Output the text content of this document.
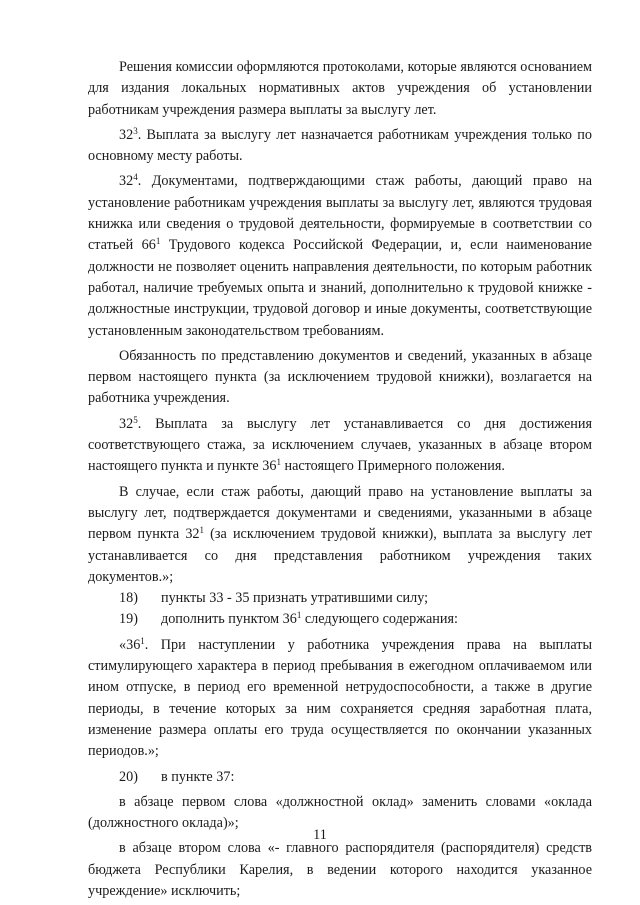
Решения комиссии оформляются протоколами, которые являются основанием для издания локальных нормативных актов учреждения об установлении работникам учреждения размера выплаты за выслугу лет.

$32^3$. Выплата за выслугу лет назначается работникам учреждения только по основному месту работы.

$32^4$. Документами, подтверждающими стаж работы, дающий право на установление работникам учреждения выплаты за выслугу лет, являются трудовая книжка или сведения о трудовой деятельности, формируемые в соответствии со статьей $66^1$ Трудового кодекса Российской Федерации, и, если наименование должности не позволяет оценить направления деятельности, по которым работник работал, наличие требуемых опыта и знаний, дополнительно к трудовой книжке - должностные инструкции, трудовой договор и иные документы, соответствующие установленным законодательством требованиям.

Обязанность по представлению документов и сведений, указанных в абзаце первом настоящего пункта (за исключением трудовой книжки), возлагается на работника учреждения.

$32^5$. Выплата за выслугу лет устанавливается со дня достижения соответствующего стажа, за исключением случаев, указанных в абзаце втором настоящего пункта и пункте $36^1$ настоящего Примерного положения.

В случае, если стаж работы, дающий право на установление выплаты за выслугу лет, подтверждается документами и сведениями, указанными в абзаце первом пункта $32^1$ (за исключением трудовой книжки), выплата за выслугу лет устанавливается со дня представления работником учреждения таких документов.»;

18)	пункты 33 - 35 признать утратившими силу;
19)	дополнить пунктом $36^1$ следующего содержания:

«$36^1$. При наступлении у работника учреждения права на выплаты стимулирующего характера в период пребывания в ежегодном оплачиваемом или ином отпуске, в период его временной нетрудоспособности, а также в другие периоды, в течение которых за ним сохраняется средняя заработная плата, изменение размера оплаты его труда осуществляется по окончании указанных периодов.»;

20)	в пункте 37:

в абзаце первом слова «должностной оклад» заменить словами «оклада (должностного оклада)»;

в абзаце втором слова «- главного распорядителя (распорядителя) средств бюджета Республики Карелия, в ведении которого находится указанное учреждение» исключить;

11
